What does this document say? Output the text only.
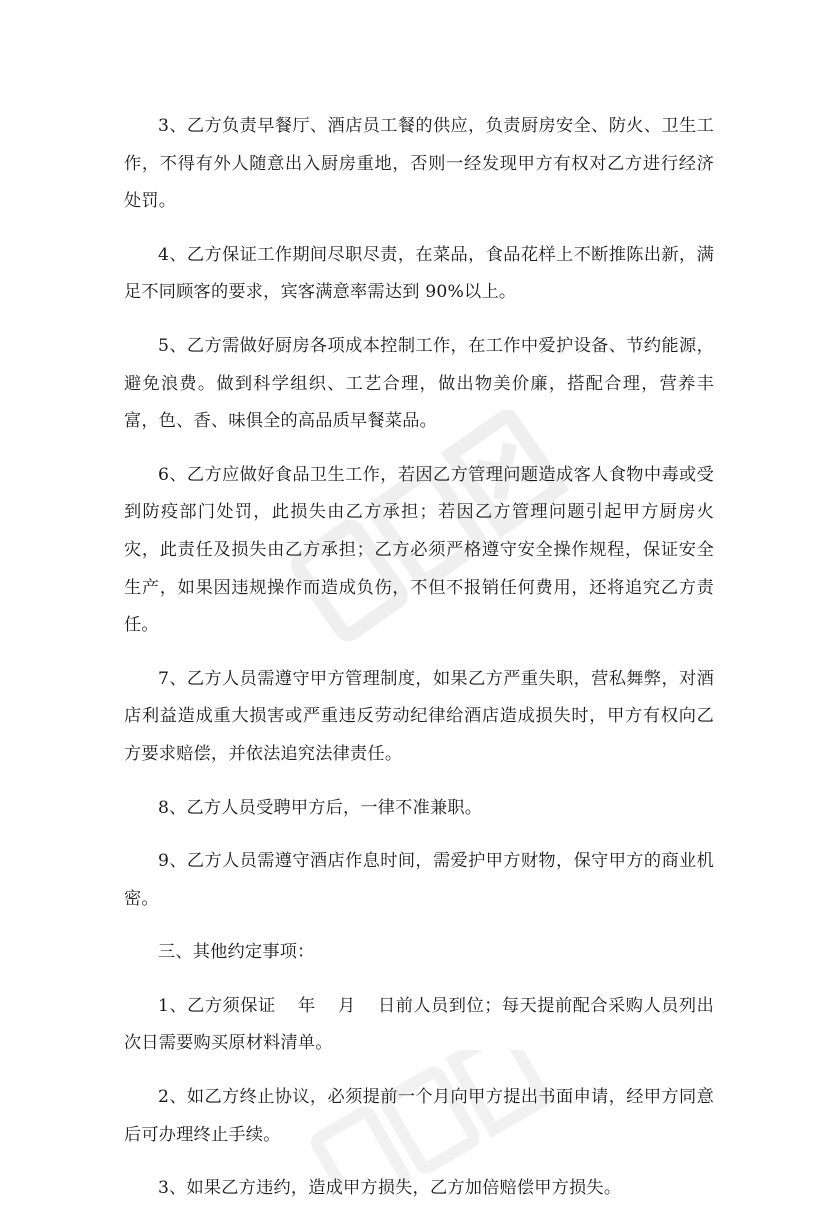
3、乙方负责早餐厅、酒店员工餐的供应，负责厨房安全、防火、卫生工作，不得有外人随意出入厨房重地，否则一经发现甲方有权对乙方进行经济处罚。

4、乙方保证工作期间尽职尽责，在菜品，食品花样上不断推陈出新，满足不同顾客的要求，宾客满意率需达到 90%以上。

5、乙方需做好厨房各项成本控制工作，在工作中爱护设备、节约能源，避免浪费。做到科学组织、工艺合理，做出物美价廉，搭配合理，营养丰富，色、香、味俱全的高品质早餐菜品。

6、乙方应做好食品卫生工作，若因乙方管理问题造成客人食物中毒或受到防疫部门处罚，此损失由乙方承担；若因乙方管理问题引起甲方厨房火灾，此责任及损失由乙方承担；乙方必须严格遵守安全操作规程，保证安全生产，如果因违规操作而造成负伤，不但不报销任何费用，还将追究乙方责任。

7、乙方人员需遵守甲方管理制度，如果乙方严重失职，营私舞弊，对酒店利益造成重大损害或严重违反劳动纪律给酒店造成损失时，甲方有权向乙方要求赔偿，并依法追究法律责任。

8、乙方人员受聘甲方后，一律不准兼职。

9、乙方人员需遵守酒店作息时间，需爱护甲方财物，保守甲方的商业机密。

三、其他约定事项：

1、乙方须保证 年 月 日前人员到位；每天提前配合采购人员列出次日需要购买原材料清单。

2、如乙方终止协议，必须提前一个月向甲方提出书面申请，经甲方同意后可办理终止手续。

3、如果乙方违约，造成甲方损失，乙方加倍赔偿甲方损失。
